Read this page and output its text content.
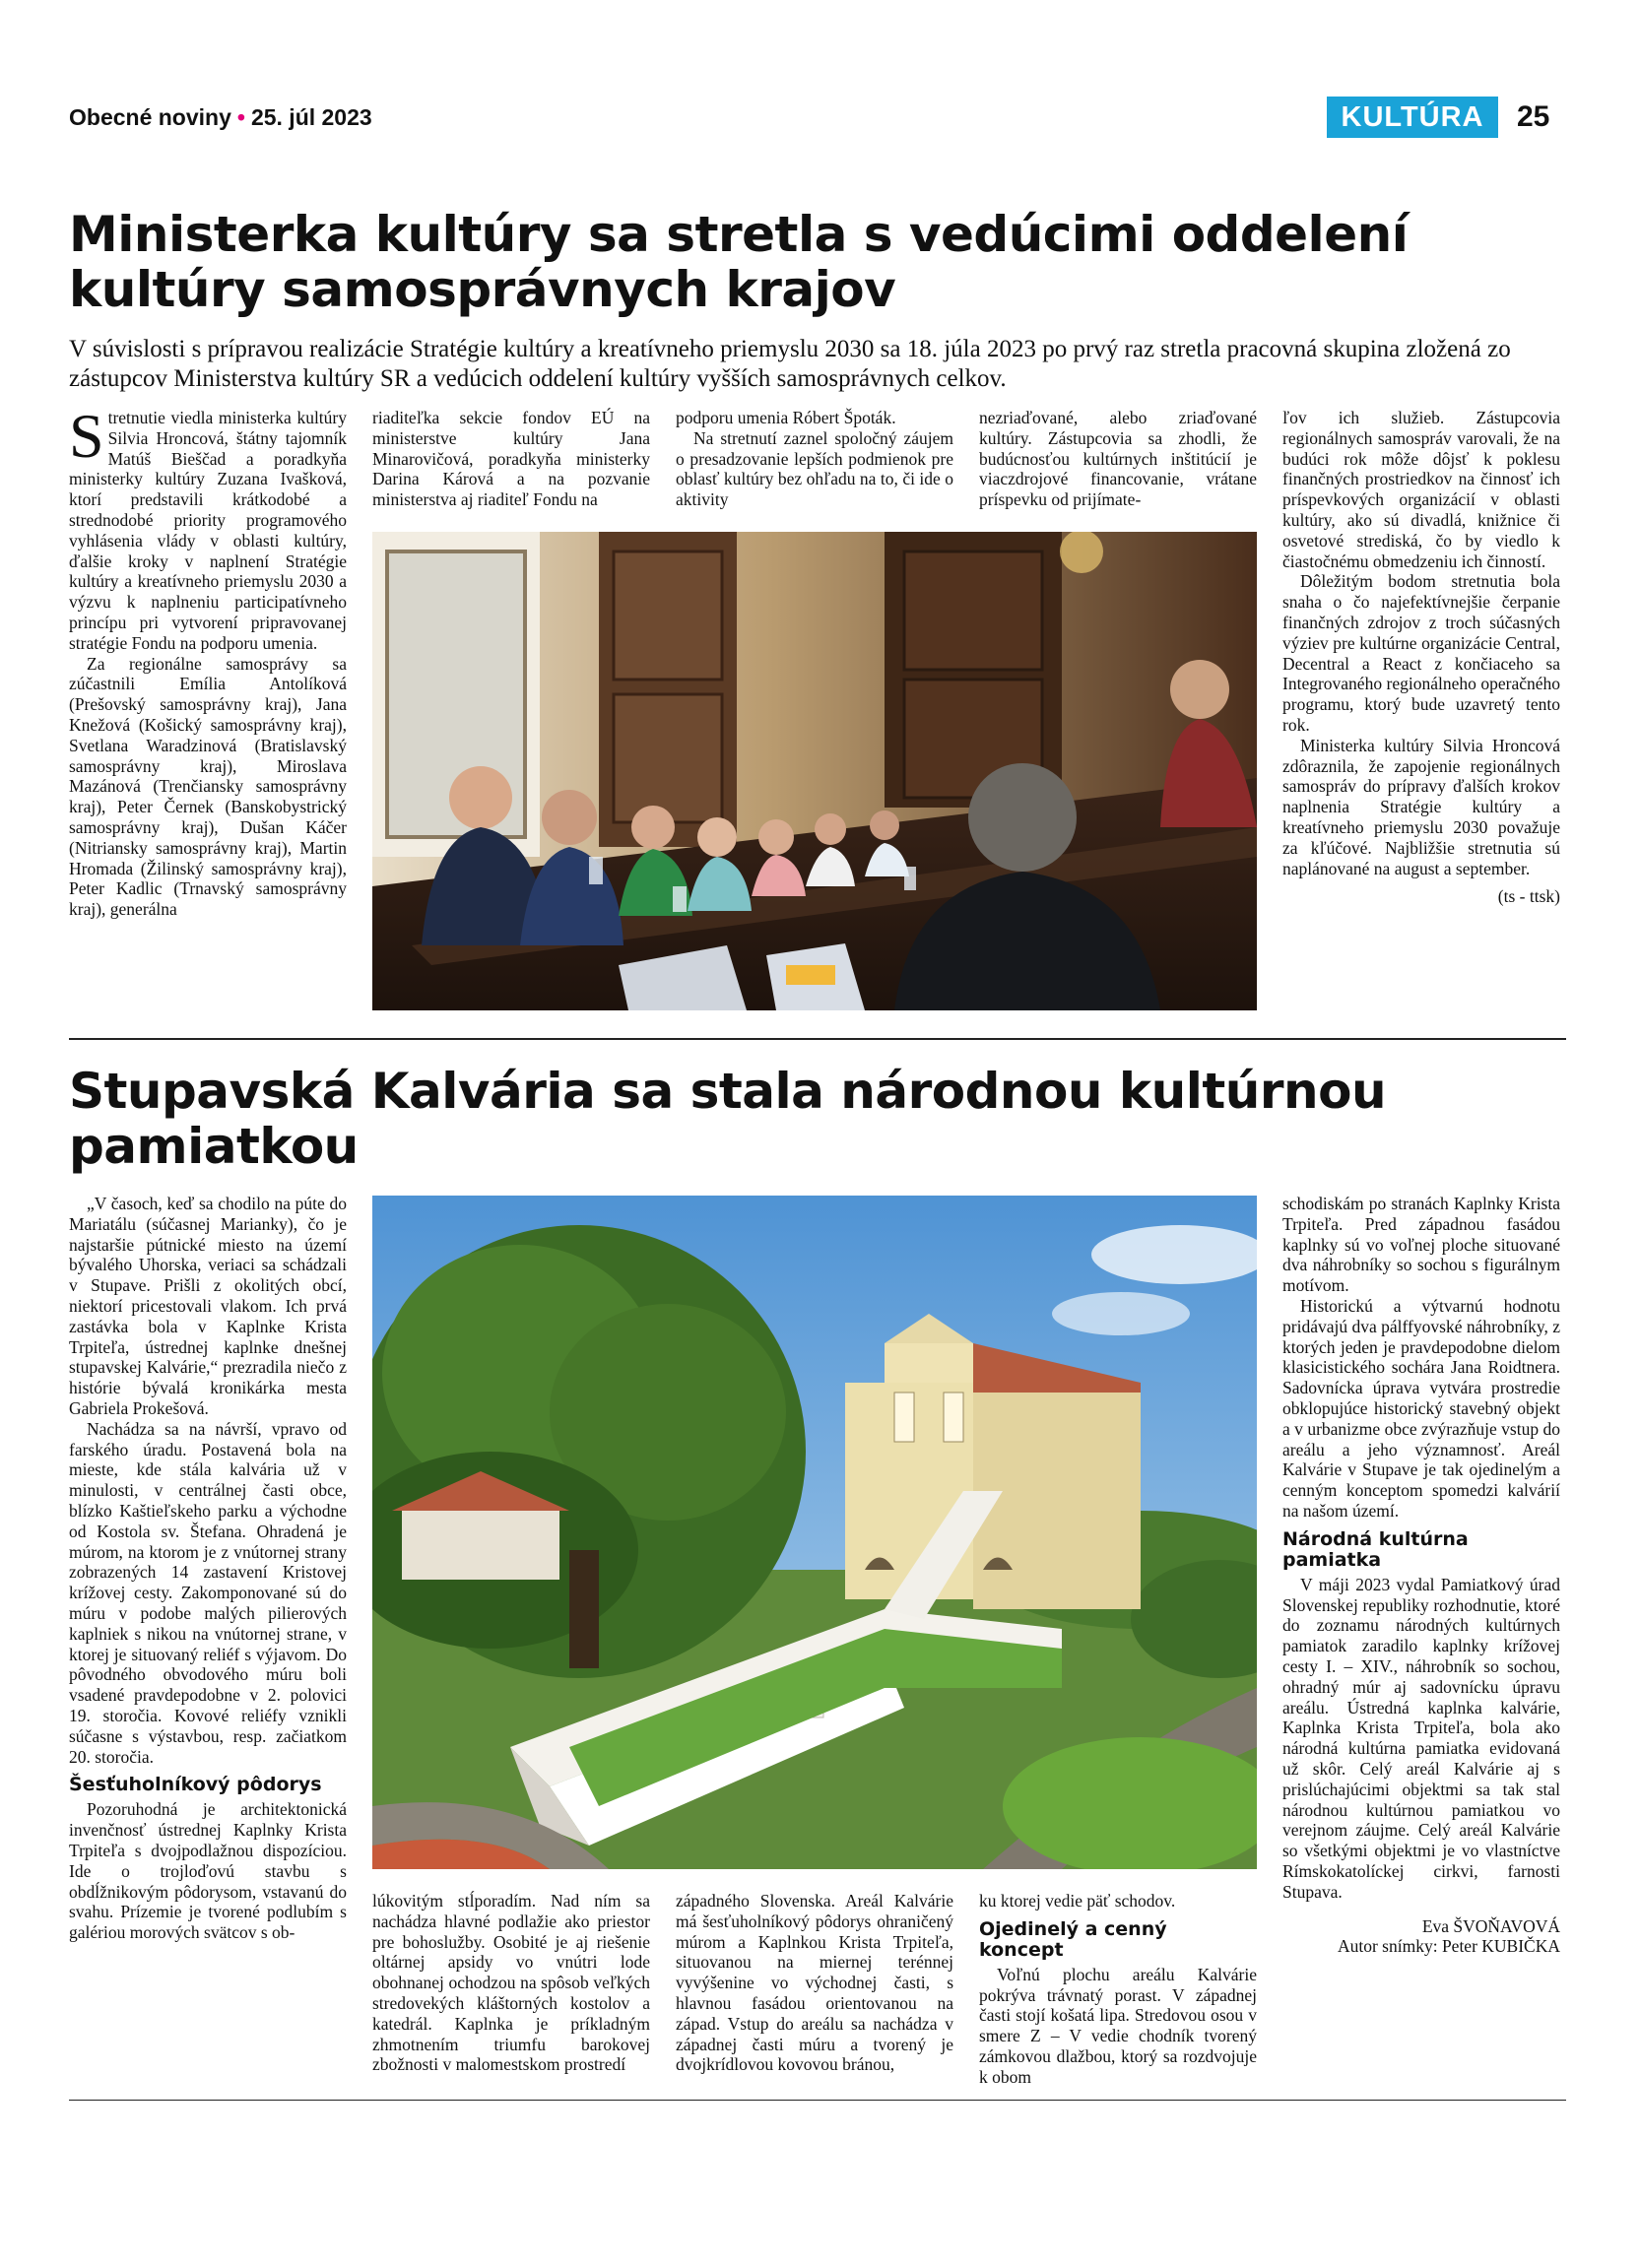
Obecné noviny • 25. júl 2023	KULTÚRA	25
Ministerka kultúry sa stretla s vedúcimi oddelení
kultúry samosprávnych krajov
V súvislosti s prípravou realizácie Stratégie kultúry a kreatívneho priemyslu 2030 sa 18. júla 2023 po prvý raz stretla pracovná skupina zložená zo zástupcov Ministerstva kultúry SR a vedúcich oddelení kultúry vyšších samosprávnych celkov.

Stretnutie viedla ministerka kultúry Silvia Hroncová, štátny tajomník Matúš Bieščad a poradkyňa ministerky kultúry Zuzana Ivašková, ktorí predstavili krátkodobé a strednodobé priority programového vyhlásenia vlády v oblasti kultúry, ďalšie kroky v naplnení Stratégie kultúry a kreatívneho priemyslu 2030 a výzvu k naplneniu participatívneho princípu pri vytvorení pripravovanej stratégie Fondu na podporu umenia.

Za regionálne samosprávy sa zúčastnili Emília Antolíková (Prešovský samosprávny kraj), Jana Knežová (Košický samosprávny kraj), Svetlana Waradzinová (Bratislavský samosprávny kraj), Miroslava Mazánová (Trenčiansky samosprávny kraj), Peter Černek (Banskobystrický samosprávny kraj), Dušan Káčer (Nitriansky samosprávny kraj), Martin Hromada (Žilinský samosprávny kraj), Peter Kadlic (Trnavský samosprávny kraj), generálna

riaditeľka sekcie fondov EÚ na ministerstve kultúry Jana Minarovičová, poradkyňa ministerky Darina Kárová a na pozvanie ministerstva aj riaditeľ Fondu na

podporu umenia Róbert Špoták.

Na stretnutí zaznel spoločný záujem o presadzovanie lepších podmienok pre oblasť kultúry bez ohľadu na to, či ide o aktivity

nezriaďované, alebo zriaďované kultúry. Zástupcovia sa zhodli, že budúcnosťou kultúrnych inštitúcií je viaczdrojové financovanie, vrátane príspevku od prijímate-

ľov ich služieb. Zástupcovia regionálnych samospráv varovali, že na budúci rok môže dôjsť k poklesu finančných prostriedkov na činnosť ich príspevkových organizácií v oblasti kultúry, ako sú divadlá, knižnice či osvetové strediská, čo by viedlo k čiastočnému obmedzeniu ich činností.

Dôležitým bodom stretnutia bola snaha o čo najefektívnejšie čerpanie finančných zdrojov z troch súčasných výziev pre kultúrne organizácie Central, Decentral a React z končiaceho sa Integrovaného regionálneho operačného programu, ktorý bude uzavretý tento rok.

Ministerka kultúry Silvia Hroncová zdôraznila, že zapojenie regionálnych samospráv do prípravy ďalších krokov naplnenia Stratégie kultúry a kreatívneho priemyslu 2030 považuje za kľúčové. Najbližšie stretnutia sú naplánované na august a september.

(ts - ttsk)

Stupavská Kalvária sa stala národnou kultúrnou
pamiatkou

„V časoch, keď sa chodilo na púte do Mariatálu (súčasnej Marianky), čo je najstaršie pútnické miesto na území bývalého Uhorska, veriaci sa schádzali v Stupave. Prišli z okolitých obcí, niektorí pricestovali vlakom. Ich prvá zastávka bola v Kaplnke Krista Trpiteľa, ústrednej kaplnke dnešnej stupavskej Kalvárie,“ prezradila niečo z histórie bývalá kronikárka mesta Gabriela Prokešová.

Nachádza sa na návrší, vpravo od farského úradu. Postavená bola na mieste, kde stála kalvária už v minulosti, v centrálnej časti obce, blízko Kaštieľskeho parku a východne od Kostola sv. Štefana. Ohradená je múrom, na ktorom je z vnútornej strany zobrazených 14 zastavení Kristovej krížovej cesty. Zakomponované sú do múru v podobe malých pilierových kaplniek s nikou na vnútornej strane, v ktorej je situovaný reliéf s výjavom. Do pôvodného obvodového múru boli vsadené pravdepodobne v 2. polovici 19. storočia. Kovové reliéfy vznikli súčasne s výstavbou, resp. začiatkom 20. storočia.

Šesťuholníkový pôdorys

Pozoruhodná je architektonická invenčnosť ústrednej Kaplnky Krista Trpiteľa s dvojpodlažnou dispozíciou. Ide o trojloďovú stavbu s obdĺžnikovým pôdorysom, vstavanú do svahu. Prízemie je tvorené podlubím s galériou morových svätcov s ob-

lúkovitým stĺporadím. Nad ním sa nachádza hlavné podlažie ako priestor pre bohoslužby. Osobité je aj riešenie oltárnej apsidy vo vnútri lode obohnanej ochodzou na spôsob veľkých stredovekých kláštorných kostolov a katedrál. Kaplnka je príkladným zhmotnením triumfu barokovej zbožnosti v malomestskom prostredí

západného Slovenska. Areál Kalvárie má šesťuholníkový pôdorys ohraničený múrom a Kaplnkou Krista Trpiteľa, situovanou na miernej terénnej vyvýšenine vo východnej časti, s hlavnou fasádou orientovanou na západ. Vstup do areálu sa nachádza v západnej časti múru a tvorený je dvojkrídlovou kovovou bránou,

ku ktorej vedie päť schodov.

Ojedinelý a cenný koncept

Voľnú plochu areálu Kalvárie pokrýva trávnatý porast. V západnej časti stojí košatá lipa. Stredovou osou v smere Z – V vedie chodník tvorený zámkovou dlažbou, ktorý sa rozdvojuje k obom

schodiskám po stranách Kaplnky Krista Trpiteľa. Pred západnou fasádou kaplnky sú vo voľnej ploche situované dva náhrobníky so sochou s figurálnym motívom.

Historickú a výtvarnú hodnotu pridávajú dva pálffyovské náhrobníky, z ktorých jeden je pravdepodobne dielom klasicistického sochára Jana Roidtnera. Sadovnícka úprava vytvára prostredie obklopujúce historický stavebný objekt a v urbanizme obce zvýrazňuje vstup do areálu a jeho významnosť. Areál Kalvárie v Stupave je tak ojedinelým a cenným konceptom spomedzi kalvárií na našom území.

Národná kultúrna pamiatka

V máji 2023 vydal Pamiatkový úrad Slovenskej republiky rozhodnutie, ktoré do zoznamu národných kultúrnych pamiatok zaradilo kaplnky krížovej cesty I. – XIV., náhrobník so sochou, ohradný múr aj sadovnícku úpravu areálu. Ústredná kaplnka kalvárie, Kaplnka Krista Trpiteľa, bola ako národná kultúrna pamiatka evidovaná už skôr. Celý areál Kalvárie aj s prislúchajúcimi objektmi sa tak stal národnou kultúrnou pamiatkou vo verejnom záujme. Celý areál Kalvárie so všetkými objektmi je vo vlastníctve Rímskokatolíckej cirkvi, farnosti Stupava.

Eva ŠVOŇAVOVÁ

Autor snímky: Peter KUBIČKA
